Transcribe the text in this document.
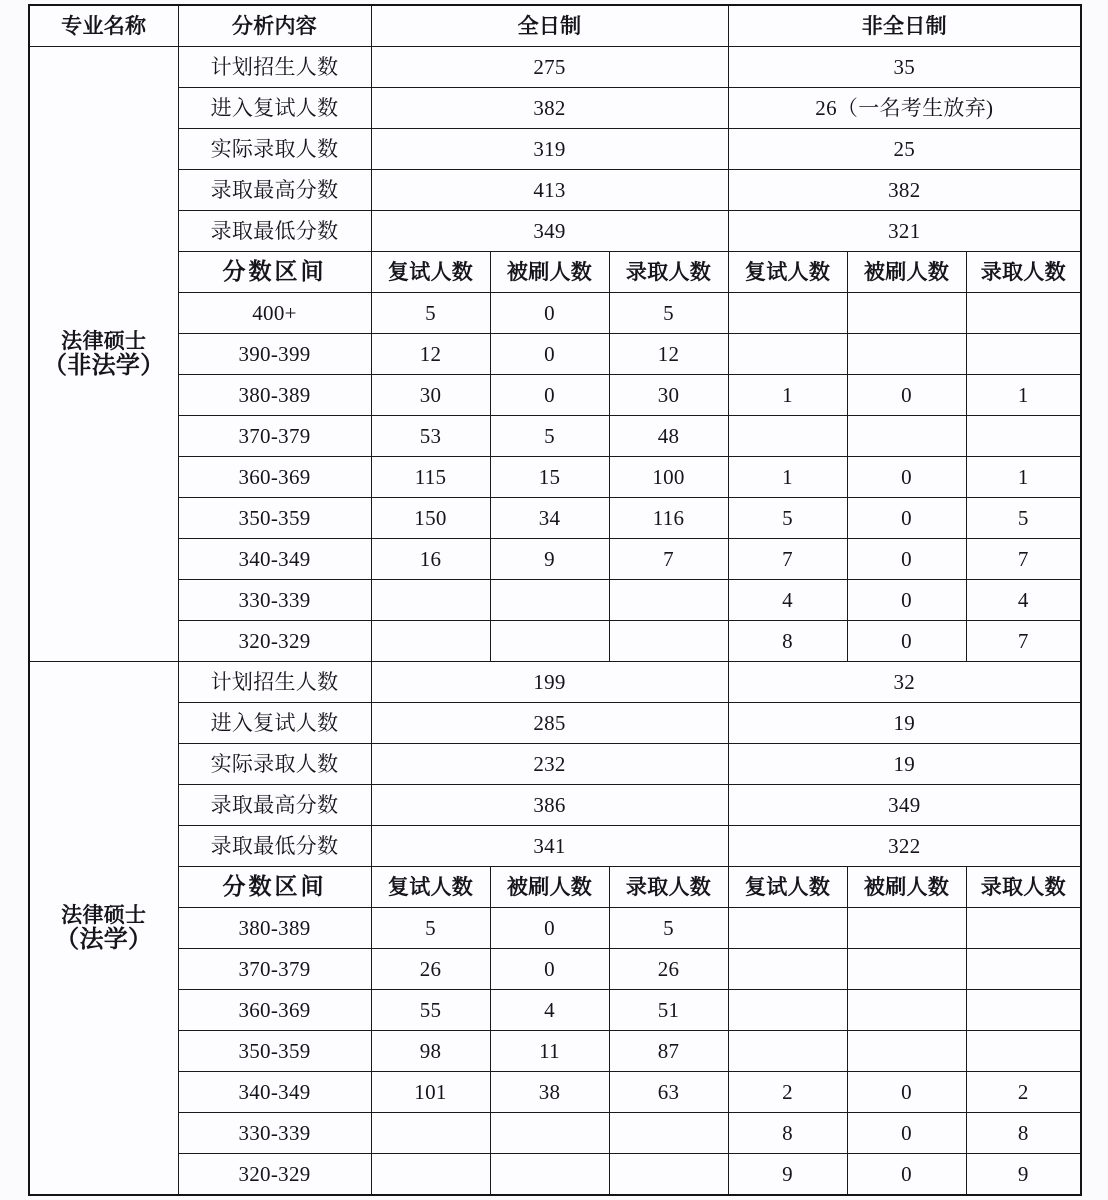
专业名称	分析内容	全日制			非全日制		

法律硕士
（非法学）	计划招生人数	275			35		
	进入复试人数	382			26（一名考生放弃)		
	实际录取人数	319			25		
	录取最高分数	413			382		
	录取最低分数	349			321		
	分数区间	复试人数	被刷人数	录取人数	复试人数	被刷人数	录取人数
	400+	5	0	5			
	390-399	12	0	12			
	380-389	30	0	30	1	0	1
	370-379	53	5	48			
	360-369	115	15	100	1	0	1
	350-359	150	34	116	5	0	5
	340-349	16	9	7	7	0	7
	330-339				4	0	4
	320-329				8	0	7

法律硕士
（法学）	计划招生人数	199			32		
	进入复试人数	285			19		
	实际录取人数	232			19		
	录取最高分数	386			349		
	录取最低分数	341			322		
	分数区间	复试人数	被刷人数	录取人数	复试人数	被刷人数	录取人数
	380-389	5	0	5			
	370-379	26	0	26			
	360-369	55	4	51			
	350-359	98	11	87			
	340-349	101	38	63	2	0	2
	330-339				8	0	8
	320-329				9	0	9
